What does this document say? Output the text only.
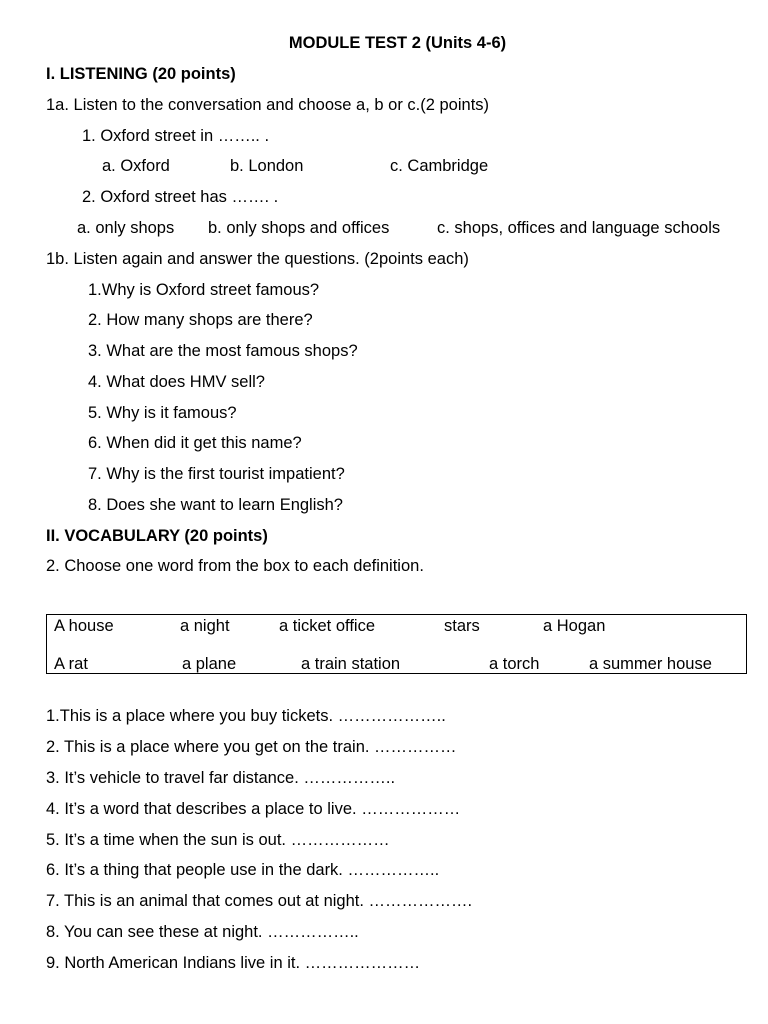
MODULE TEST 2 (Units 4-6)
I. LISTENING (20 points)
1a. Listen to the conversation and choose a, b or c.(2 points)
1. Oxford street in …….. .
a. Oxford	b. London	c. Cambridge
2. Oxford street has ……. .
a. only shops b. only shops and offices	c. shops, offices and language schools
1b. Listen again and answer the questions. (2points each)
1.Why is Oxford street famous?
2. How many shops are there?
3. What are the most famous shops?
4. What does HMV sell?
5. Why is it famous?
6. When did it get this name?
7. Why is the first tourist impatient?
8. Does she want to learn English?
II. VOCABULARY (20 points)
2. Choose one word from the box to each definition.
A house	a night	a ticket office	stars	a Hogan
A rat	a plane	a train station	a torch	a summer house
1.This is a place where you buy tickets. ………………..
2. This is a place where you get on the train. ……………
3. It’s vehicle to travel far distance. ……………..
4. It’s a word that describes a place to live. ………………
5. It’s a time when the sun is out. ………………
6. It’s a thing that people use in the dark. ……………..
7. This is an animal that comes out at night. ……………….
8. You can see these at night. ……………..
9. North American Indians live in it. …………………
